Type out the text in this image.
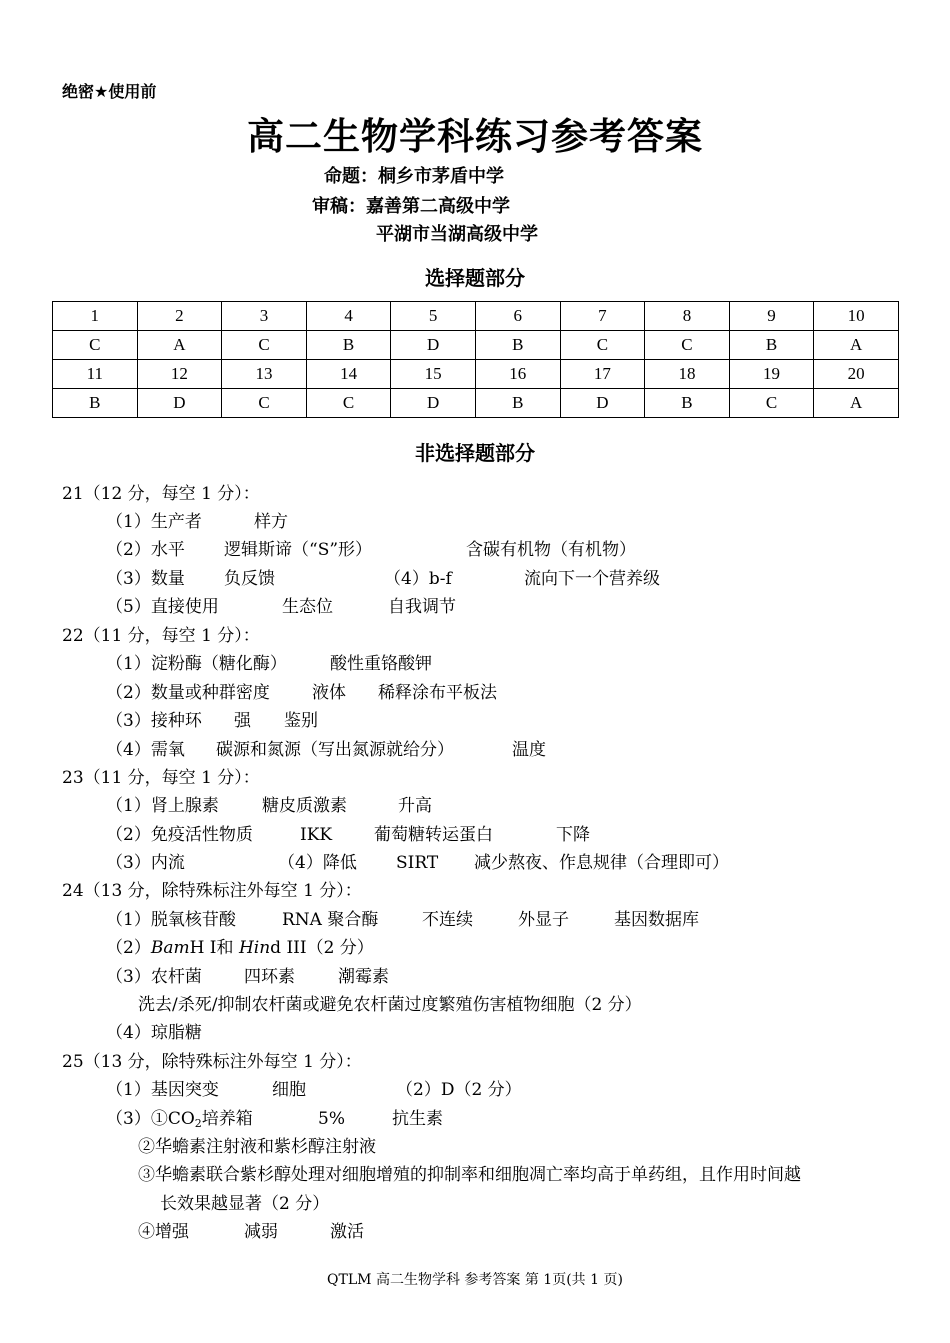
绝密★使用前
高二生物学科练习参考答案
命题：桐乡市茅盾中学
审稿：嘉善第二高级中学
平湖市当湖高级中学
选择题部分
1	2	3	4	5	6	7	8	9	10
C	A	C	B	D	B	C	C	B	A
11	12	13	14	15	16	17	18	19	20
B	D	C	C	D	B	D	B	C	A
非选择题部分
21（12 分，每空 1 分）：
（1）生产者	样方
（2）水平 逻辑斯谛（“S”形）	含碳有机物（有机物）
（3）数量 负反馈	（4）b-f	流向下一个营养级
（5）直接使用	生态位	自我调节
22（11 分，每空 1 分）：
（1）淀粉酶（糖化酶）	酸性重铬酸钾
（2）数量或种群密度 液体 稀释涂布平板法
（3）接种环 强 鉴别
（4）需氧 碳源和氮源（写出氮源就给分）	温度
23（11 分，每空 1 分）：
（1）肾上腺素	糖皮质激素	升高
（2）免疫活性物质	IKK 葡萄糖转运蛋白	下降
（3）内流	（4）降低 SIRT 减少熬夜、作息规律（合理即可）
24（13 分，除特殊标注外每空 1 分）：
（1）脱氧核苷酸	RNA 聚合酶	不连续	外显子	基因数据库
（2）BamH I和 Hind III（2 分）
（3）农杆菌 四环素	潮霉素
洗去/杀死/抑制农杆菌或避免农杆菌过度繁殖伤害植物细胞（2 分）
（4）琼脂糖
25（13 分，除特殊标注外每空 1 分）：
（1）基因突变	细胞	（2）D（2 分）
$(3)①CO_2$培养箱	5%	抗生素
②华蟾素注射液和紫杉醇注射液
③华蟾素联合紫杉醇处理对细胞增殖的抑制率和细胞凋亡率均高于单药组，且作用时间越
长效果越显著（2 分）
④增强	减弱	激活
QTLM 高二生物学科 参考答案 第 1页(共 1 页)
